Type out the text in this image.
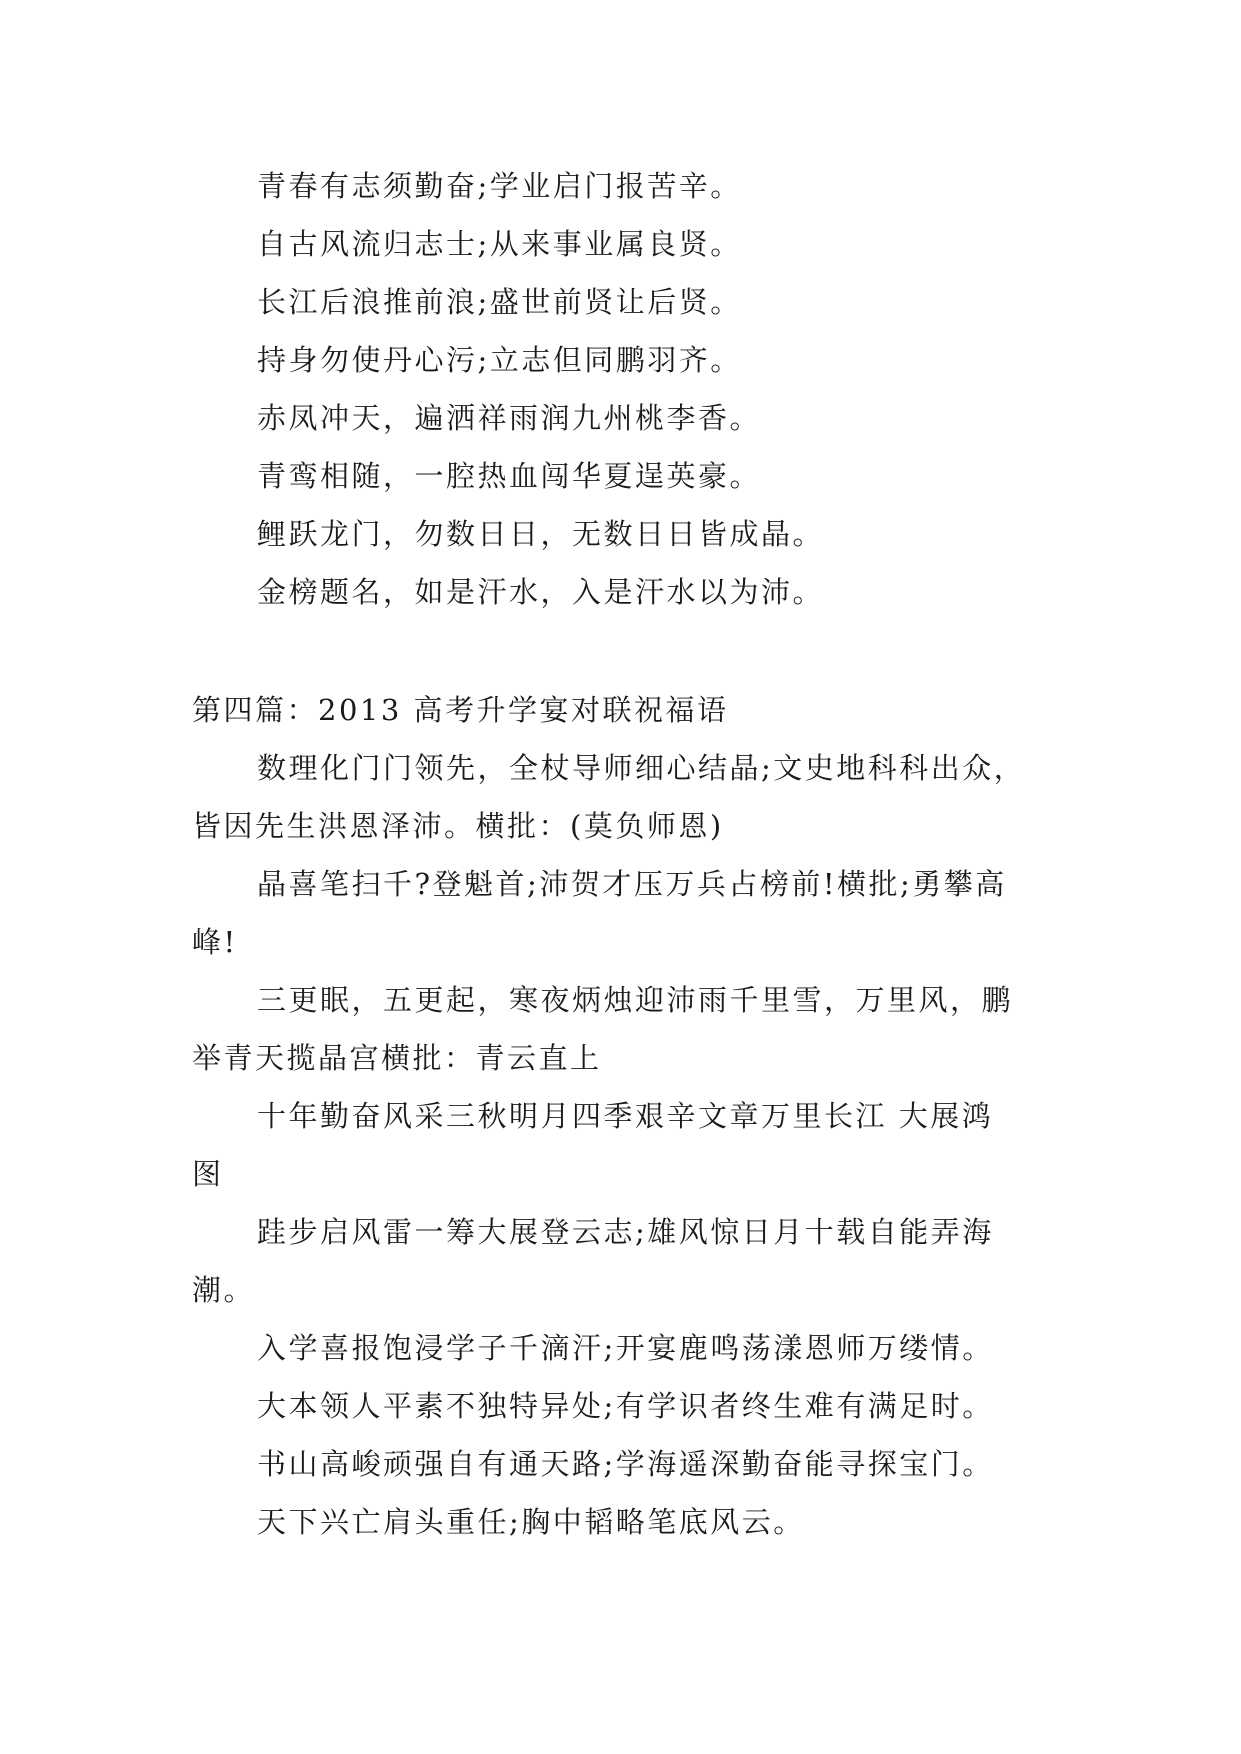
青春有志须勤奋;学业启门报苦辛。
自古风流归志士;从来事业属良贤。
长江后浪推前浪;盛世前贤让后贤。
持身勿使丹心污;立志但同鹏羽齐。
赤凤冲天，遍洒祥雨润九州桃李香。
青鸾相随，一腔热血闯华夏逞英豪。
鲤跃龙门，勿数日日，无数日日皆成晶。
金榜题名，如是汗水，入是汗水以为沛。
第四篇：2013 高考升学宴对联祝福语
数理化门门领先，全杖导师细心结晶;文史地科科出众，
皆因先生洪恩泽沛。横批：(莫负师恩)
晶喜笔扫千?登魁首;沛贺才压万兵占榜前!横批;勇攀高
峰!
三更眠，五更起，寒夜炳烛迎沛雨千里雪，万里风，鹏
举青天揽晶宫横批：青云直上
十年勤奋风采三秋明月四季艰辛文章万里长江 大展鸿
图
跬步启风雷一筹大展登云志;雄风惊日月十载自能弄海
潮。
入学喜报饱浸学子千滴汗;开宴鹿鸣荡漾恩师万缕情。
大本领人平素不独特异处;有学识者终生难有满足时。
书山高峻顽强自有通天路;学海遥深勤奋能寻探宝门。
天下兴亡肩头重任;胸中韬略笔底风云。
